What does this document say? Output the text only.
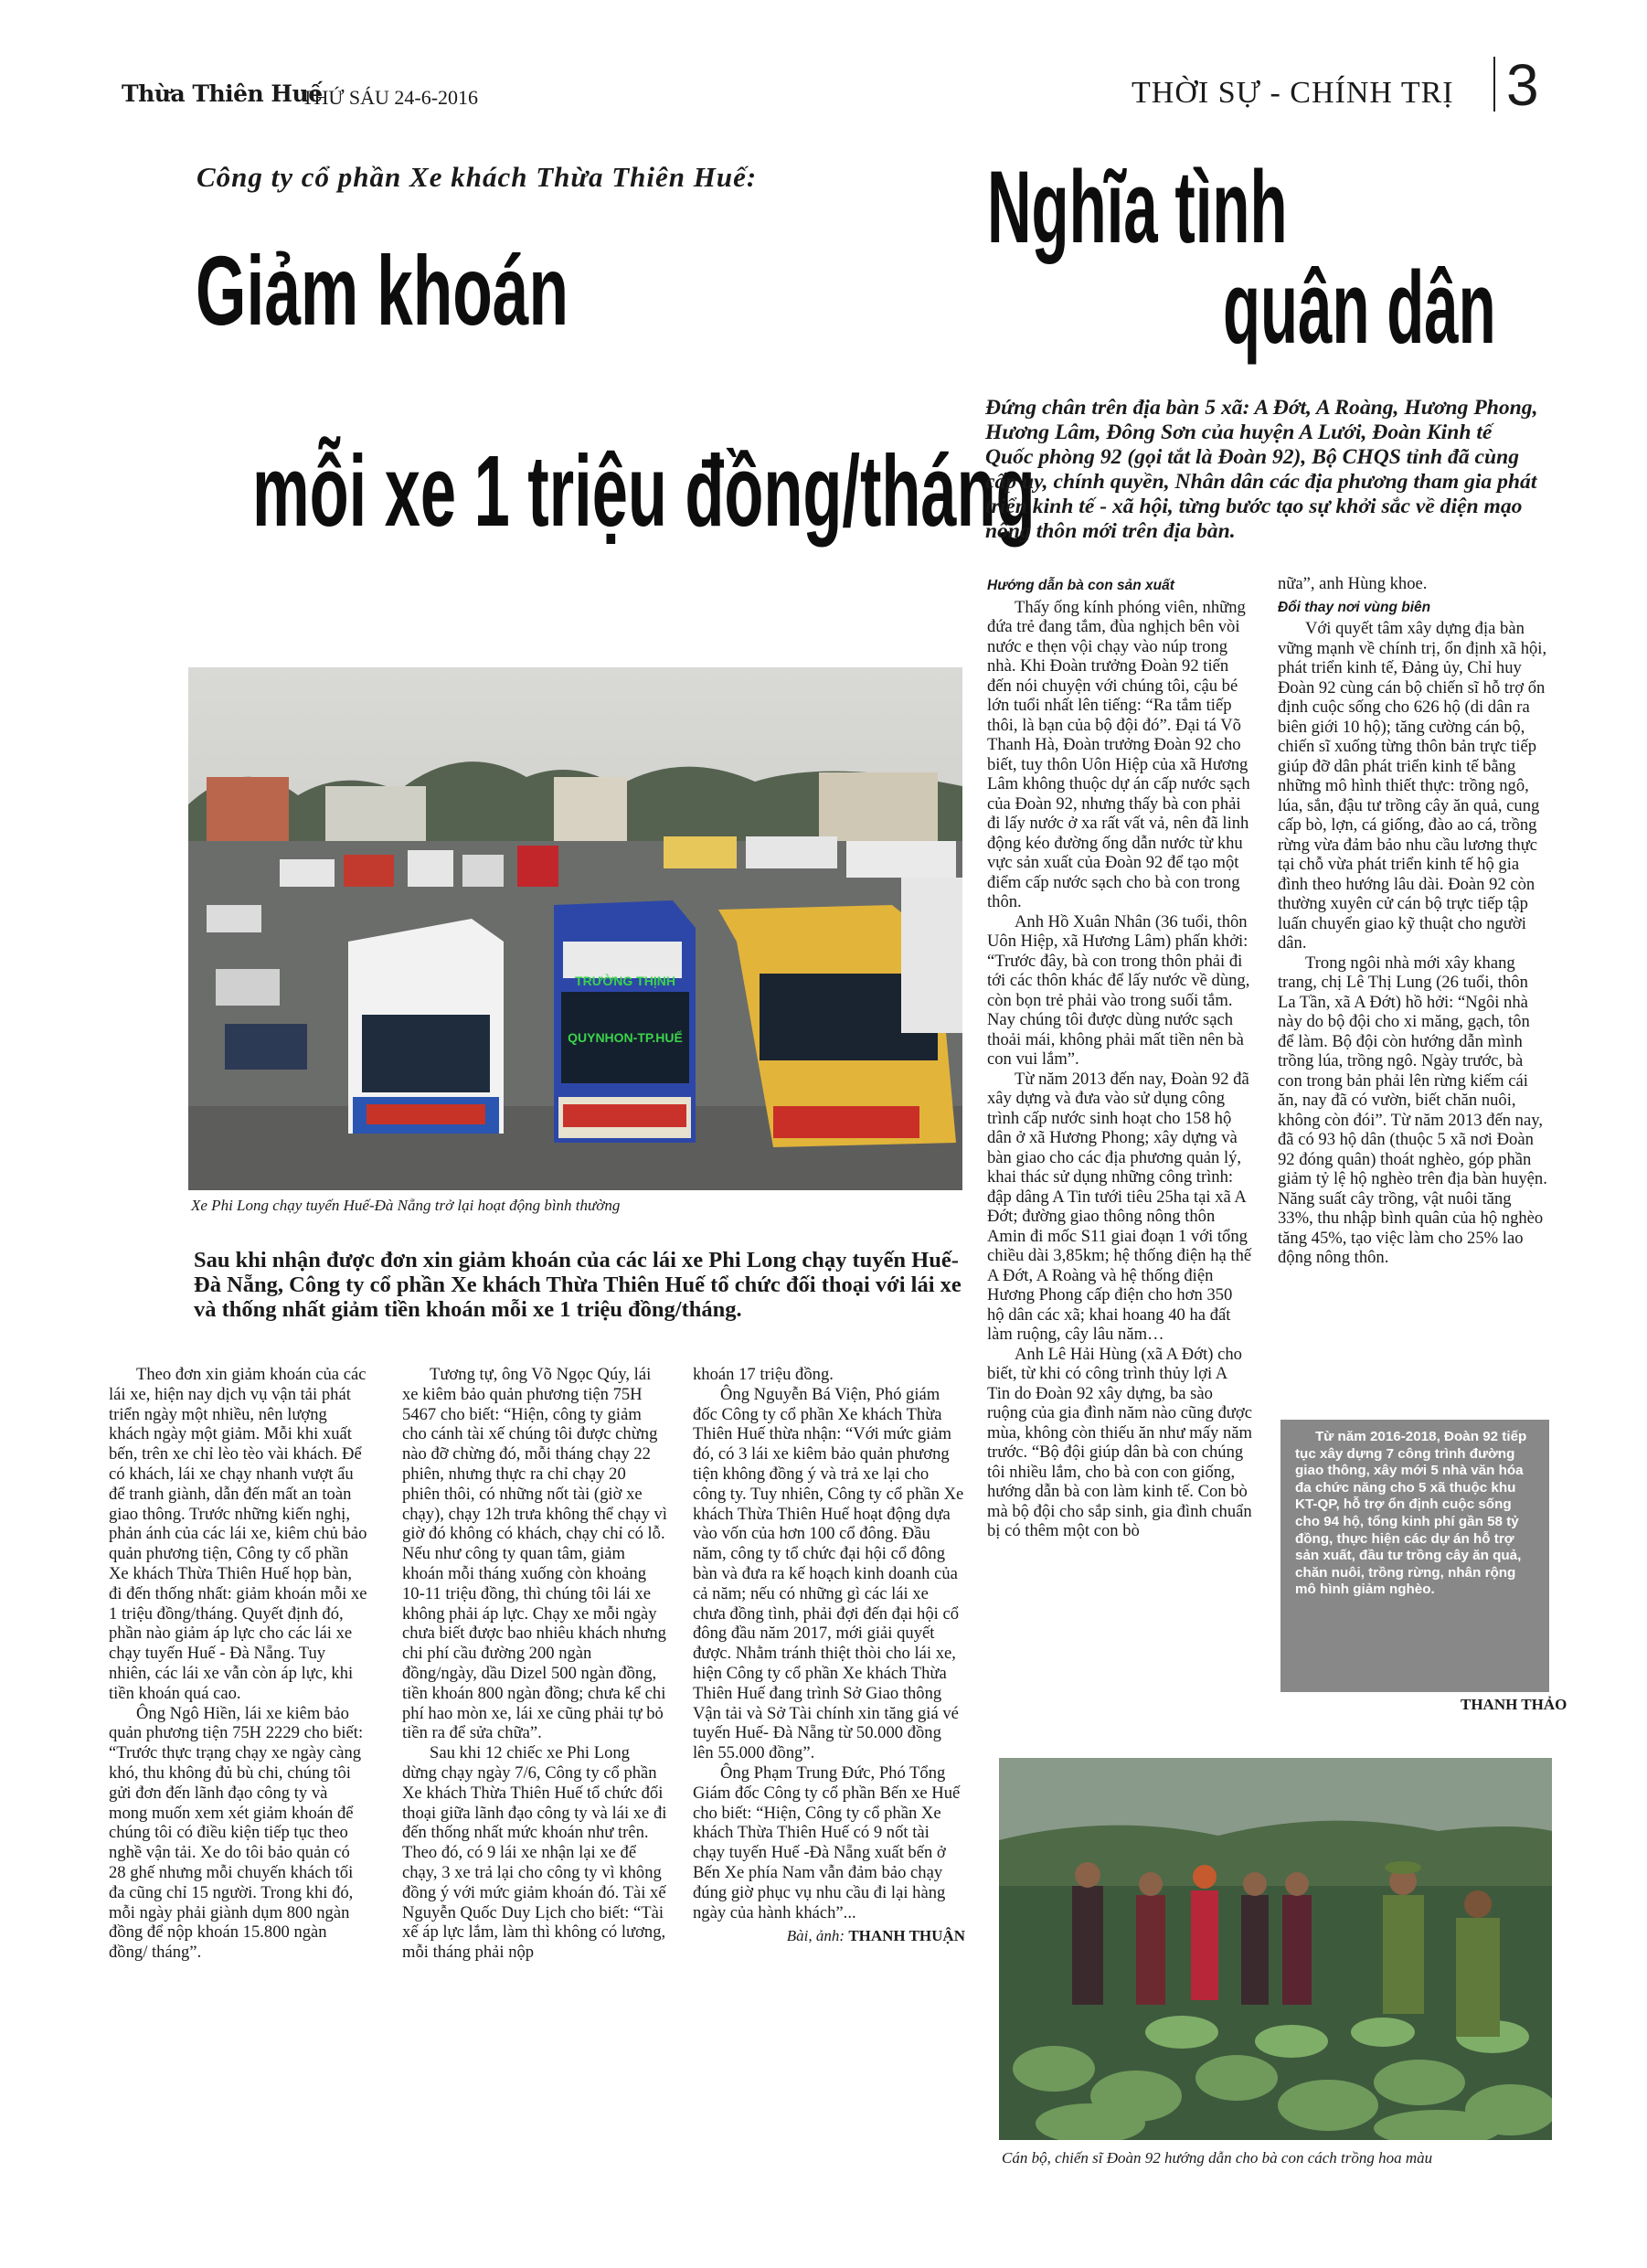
Thừa Thiên Huế
THỨ SÁU 24-6-2016	THỜI SỰ - CHÍNH TRỊ 3
Công ty cổ phần Xe khách Thừa Thiên Huế:
Giảm khoán
mỗi xe 1 triệu đồng/tháng
TRƯỜNG THỊNH
QUYNHON-TP.HUẾ
Xe Phi Long chạy tuyến Huế-Đà Nẵng trở lại hoạt động bình thường
Sau khi nhận được đơn xin giảm khoán của các lái xe Phi Long chạy tuyến Huế-Đà Nẵng, Công ty cổ phần Xe khách Thừa Thiên Huế tổ chức đối thoại với lái xe và thống nhất giảm tiền khoán mỗi xe 1 triệu đồng/tháng.

Theo đơn xin giảm khoán của các lái xe, hiện nay dịch vụ vận tải phát triển ngày một nhiều, nên lượng khách ngày một giảm. Mỗi khi xuất bến, trên xe chỉ lèo tèo vài khách. Để có khách, lái xe chạy nhanh vượt ẩu để tranh giành, dẫn đến mất an toàn giao thông. Trước những kiến nghị, phản ánh của các lái xe, kiêm chủ bảo quản phương tiện, Công ty cổ phần Xe khách Thừa Thiên Huế họp bàn, đi đến thống nhất: giảm khoán mỗi xe 1 triệu đồng/tháng. Quyết định đó, phần nào giảm áp lực cho các lái xe chạy tuyến Huế - Đà Nẵng. Tuy nhiên, các lái xe vẫn còn áp lực, khi tiền khoán quá cao.

Ông Ngô Hiền, lái xe kiêm bảo quản phương tiện 75H 2229 cho biết: “Trước thực trạng chạy xe ngày càng khó, thu không đủ bù chi, chúng tôi gửi đơn đến lãnh đạo công ty và mong muốn xem xét giảm khoán để chúng tôi có điều kiện tiếp tục theo nghề vận tải. Xe do tôi bảo quản có 28 ghế nhưng mỗi chuyến khách tối đa cũng chỉ 15 người. Trong khi đó, mỗi ngày phải giành dụm 800 ngàn đồng để nộp khoán 15.800 ngàn đồng/ tháng”.

Tương tự, ông Võ Ngọc Qúy, lái xe kiêm bảo quản phương tiện 75H 5467 cho biết: “Hiện, công ty giảm cho cánh tài xế chúng tôi được chừng nào đỡ chừng đó, mỗi tháng chạy 22 phiên, nhưng thực ra chỉ chạy 20 phiên thôi, có những nốt tài (giờ xe chạy), chạy 12h trưa không thể chạy vì giờ đó không có khách, chạy chỉ có lỗ. Nếu như công ty quan tâm, giảm khoán mỗi tháng xuống còn khoảng 10-11 triệu đồng, thì chúng tôi lái xe không phải áp lực. Chạy xe mỗi ngày chưa biết được bao nhiêu khách nhưng chi phí cầu đường 200 ngàn đồng/ngày, dầu Dizel 500 ngàn đồng, tiền khoán 800 ngàn đồng; chưa kể chi phí hao mòn xe, lái xe cũng phải tự bỏ tiền ra để sửa chữa”.

Sau khi 12 chiếc xe Phi Long dừng chạy ngày 7/6, Công ty cổ phần Xe khách Thừa Thiên Huế tổ chức đối thoại giữa lãnh đạo công ty và lái xe đi đến thống nhất mức khoán như trên. Theo đó, có 9 lái xe nhận lại xe để chạy, 3 xe trả lại cho công ty vì không đồng ý với mức giảm khoán đó. Tài xế Nguyễn Quốc Duy Lịch cho biết: “Tài xế áp lực lắm, làm thì không có lương, mỗi tháng phải nộp

khoán 17 triệu đồng.

Ông Nguyễn Bá Viện, Phó giám đốc Công ty cổ phần Xe khách Thừa Thiên Huế thừa nhận: “Với mức giảm đó, có 3 lái xe kiêm bảo quản phương tiện không đồng ý và trả xe lại cho công ty. Tuy nhiên, Công ty cổ phần Xe khách Thừa Thiên Huế hoạt động dựa vào vốn của hơn 100 cổ đông. Đầu năm, công ty tổ chức đại hội cổ đông bàn và đưa ra kế hoạch kinh doanh của cả năm; nếu có những gì các lái xe chưa đồng tình, phải đợi đến đại hội cổ đông đầu năm 2017, mới giải quyết được. Nhằm tránh thiệt thòi cho lái xe, hiện Công ty cổ phần Xe khách Thừa Thiên Huế đang trình Sở Giao thông Vận tải và Sở Tài chính xin tăng giá vé tuyến Huế- Đà Nẵng từ 50.000 đồng lên 55.000 đồng”.

Ông Phạm Trung Đức, Phó Tổng Giám đốc Công ty cổ phần Bến xe Huế cho biết: “Hiện, Công ty cổ phần Xe khách Thừa Thiên Huế có 9 nốt tài chạy tuyến Huế -Đà Nẵng xuất bến ở Bến Xe phía Nam vẫn đảm bảo chạy đúng giờ phục vụ nhu cầu đi lại hàng ngày của hành khách”...

Bài, ảnh: THANH THUẬN
Nghĩa tình
quân dân
Đứng chân trên địa bàn 5 xã: A Đớt, A Roàng, Hương Phong, Hương Lâm, Đông Sơn của huyện A Lưới, Đoàn Kinh tế Quốc phòng 92 (gọi tắt là Đoàn 92), Bộ CHQS tỉnh đã cùng cấp ủy, chính quyền, Nhân dân các địa phương tham gia phát triển kinh tế - xã hội, từng bước tạo sự khởi sắc về diện mạo nông thôn mới trên địa bàn.
Hướng dẫn bà con sản xuất

Thấy ống kính phóng viên, những đứa trẻ đang tắm, đùa nghịch bên vòi nước e thẹn vội chạy vào núp trong nhà. Khi Đoàn trưởng Đoàn 92 tiến đến nói chuyện với chúng tôi, cậu bé lớn tuổi nhất lên tiếng: “Ra tắm tiếp thôi, là bạn của bộ đội đó”. Đại tá Võ Thanh Hà, Đoàn trưởng Đoàn 92 cho biết, tuy thôn Uôn Hiệp của xã Hương Lâm không thuộc dự án cấp nước sạch của Đoàn 92, nhưng thấy bà con phải đi lấy nước ở xa rất vất vả, nên đã linh động kéo đường ống dẫn nước từ khu vực sản xuất của Đoàn 92 để tạo một điểm cấp nước sạch cho bà con trong thôn.

Anh Hồ Xuân Nhân (36 tuổi, thôn Uôn Hiệp, xã Hương Lâm) phấn khởi: “Trước đây, bà con trong thôn phải đi tới các thôn khác để lấy nước về dùng, còn bọn trẻ phải vào trong suối tắm. Nay chúng tôi được dùng nước sạch thoải mái, không phải mất tiền nên bà con vui lắm”.

Từ năm 2013 đến nay, Đoàn 92 đã xây dựng và đưa vào sử dụng công trình cấp nước sinh hoạt cho 158 hộ dân ở xã Hương Phong; xây dựng và bàn giao cho các địa phương quản lý, khai thác sử dụng những công trình: đập dâng A Tin tưới tiêu 25ha tại xã A Đớt; đường giao thông nông thôn Amin đi mốc S11 giai đoạn 1 với tổng chiều dài 3,85km; hệ thống điện hạ thế A Đớt, A Roàng và hệ thống điện Hương Phong cấp điện cho hơn 350 hộ dân các xã; khai hoang 40 ha đất làm ruộng, cây lâu năm…

Anh Lê Hải Hùng (xã A Đớt) cho biết, từ khi có công trình thủy lợi A Tin do Đoàn 92 xây dựng, ba sào ruộng của gia đình năm nào cũng được mùa, không còn thiếu ăn như mấy năm trước. “Bộ đội giúp dân bà con chúng tôi nhiều lắm, cho bà con con giống, hướng dẫn bà con làm kinh tế. Con bò mà bộ đội cho sắp sinh, gia đình chuẩn bị có thêm một con bò

nữa”, anh Hùng khoe.

Đổi thay nơi vùng biên

Với quyết tâm xây dựng địa bàn vững mạnh về chính trị, ổn định xã hội, phát triển kinh tế, Đảng ủy, Chỉ huy Đoàn 92 cùng cán bộ chiến sĩ hỗ trợ ổn định cuộc sống cho 626 hộ (di dân ra biên giới 10 hộ); tăng cường cán bộ, chiến sĩ xuống từng thôn bản trực tiếp giúp đỡ dân phát triển kinh tế bằng những mô hình thiết thực: trồng ngô, lúa, sắn, đậu tư trồng cây ăn quả, cung cấp bò, lợn, cá giống, đào ao cá, trồng rừng vừa đảm bảo nhu cầu lương thực tại chỗ vừa phát triển kinh tế hộ gia đình theo hướng lâu dài. Đoàn 92 còn thường xuyên cử cán bộ trực tiếp tập luấn chuyển giao kỹ thuật cho người dân.

Trong ngôi nhà mới xây khang trang, chị Lê Thị Lung (26 tuổi, thôn La Tần, xã A Đớt) hồ hởi: “Ngôi nhà này do bộ đội cho xi măng, gạch, tôn để làm. Bộ đội còn hướng dẫn mình trồng lúa, trồng ngô. Ngày trước, bà con trong bản phải lên rừng kiếm cái ăn, nay đã có vườn, biết chăn nuôi, không còn đói”. Từ năm 2013 đến nay, đã có 93 hộ dân (thuộc 5 xã nơi Đoàn 92 đóng quân) thoát nghèo, góp phần giảm tỷ lệ hộ nghèo trên địa bàn huyện. Năng suất cây trồng, vật nuôi tăng 33%, thu nhập bình quân của hộ nghèo tăng 45%, tạo việc làm cho 25% lao động nông thôn.

Từ năm 2016-2018, Đoàn 92 tiếp tục xây dựng 7 công trình đường giao thông, xây mới 5 nhà văn hóa đa chức năng cho 5 xã thuộc khu KT-QP, hỗ trợ ổn định cuộc sống cho 94 hộ, tổng kinh phí gần 58 tỷ đồng, thực hiện các dự án hỗ trợ sản xuất, đầu tư trồng cây ăn quả, chăn nuôi, trồng rừng, nhân rộng mô hình giảm nghèo.

THANH THẢO
Cán bộ, chiến sĩ Đoàn 92 hướng dẫn cho bà con cách trồng hoa màu
